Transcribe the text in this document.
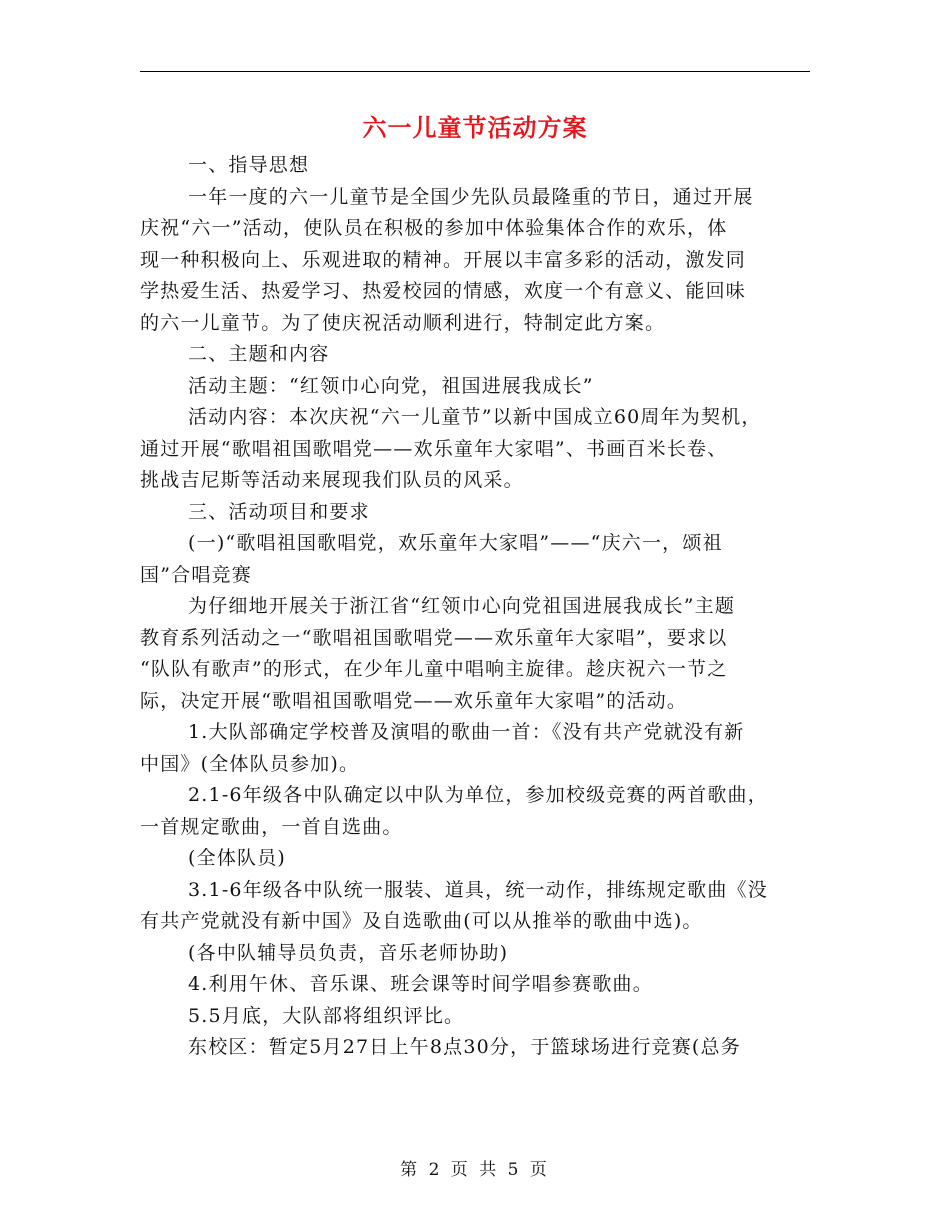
六一儿童节活动方案

一、指导思想
一年一度的六一儿童节是全国少先队员最隆重的节日，通过开展
庆祝“六一”活动，使队员在积极的参加中体验集体合作的欢乐，体
现一种积极向上、乐观进取的精神。开展以丰富多彩的活动，激发同
学热爱生活、热爱学习、热爱校园的情感，欢度一个有意义、能回味
的六一儿童节。为了使庆祝活动顺利进行，特制定此方案。
二、主题和内容
活动主题：“红领巾心向党，祖国进展我成长”
活动内容：本次庆祝“六一儿童节”以新中国成立60周年为契机，
通过开展“歌唱祖国歌唱党——欢乐童年大家唱”、书画百米长卷、
挑战吉尼斯等活动来展现我们队员的风采。
三、活动项目和要求
(一)“歌唱祖国歌唱党，欢乐童年大家唱”——“庆六一，颂祖
国”合唱竞赛
为仔细地开展关于浙江省“红领巾心向党祖国进展我成长”主题
教育系列活动之一“歌唱祖国歌唱党——欢乐童年大家唱”，要求以
“队队有歌声”的形式，在少年儿童中唱响主旋律。趁庆祝六一节之
际，决定开展“歌唱祖国歌唱党——欢乐童年大家唱”的活动。
1.大队部确定学校普及演唱的歌曲一首：《没有共产党就没有新
中国》(全体队员参加)。
2.1-6年级各中队确定以中队为单位，参加校级竞赛的两首歌曲，
一首规定歌曲，一首自选曲。
(全体队员)
3.1-6年级各中队统一服装、道具，统一动作，排练规定歌曲《没
有共产党就没有新中国》及自选歌曲(可以从推举的歌曲中选)。
(各中队辅导员负责，音乐老师协助)
4.利用午休、音乐课、班会课等时间学唱参赛歌曲。
5.5月底，大队部将组织评比。
东校区：暂定5月27日上午8点30分，于篮球场进行竞赛(总务

第 2 页 共 5 页
